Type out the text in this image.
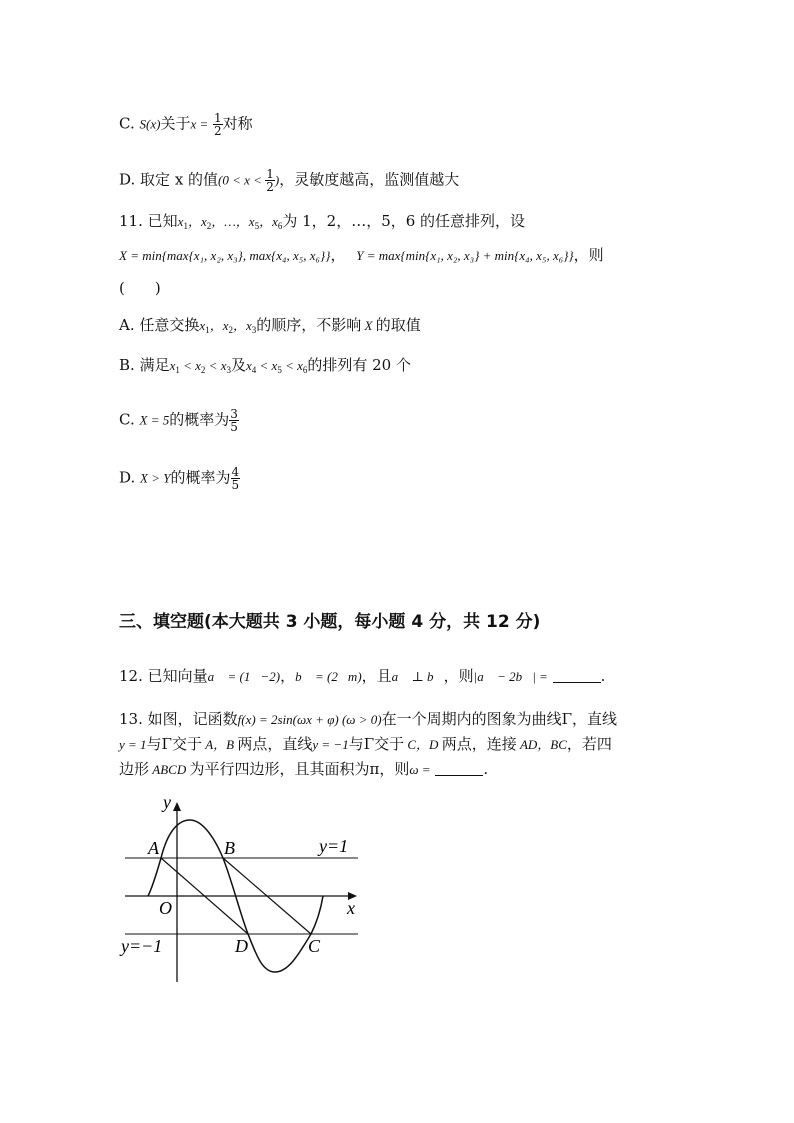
C. S(x)关于$x = \frac{1}{2}$ 对称
D. 取定 x 的值($0 < x < \frac{1}{2}$ )，灵敏度越高，监测值越大
11. 已知$x_1$，$x_2$，…，$x_5$，$x_6$为 1，2，…，5，6 的任意排列，设
X = min{max{x₁, x₂, x₃}, max{x₄, x₅, x₆}}， Y = max{min{x₁, x₂, x₃} + min{x₄, x₅, x₆}}，则
(　　)
A. 任意交换$x_1$，$x_2$，$x_3$的顺序，不影响 X 的取值
B. 满足$x_1 < x_2 < x_3$及$x_4 < x_5 < x_6$的排列有 20 个
C. X = 5的概率为 $\frac{3}{5}$
D. X > Y的概率为 $\frac{4}{5}$
三、填空题(本大题共 3 小题，每小题 4 分，共 12 分)
12. 已知向量a⃗ = (1，−2)，b⃗ = (2，m)，且a⃗ ⊥ b⃗，则|a⃗ − 2b⃗| =	.
13. 如图，记函数f(x) = 2sin(ωx + φ) (ω > 0)在一个周期内的图象为曲线Γ，直线
y = 1与Γ交于 A，B 两点，直线y = −1与Γ交于 C，D 两点，连接 AD，BC，若四
边形 ABCD 为平行四边形，且其面积为π，则ω =	.
y
x
O
A	B
C
D
y=1
y=−1
